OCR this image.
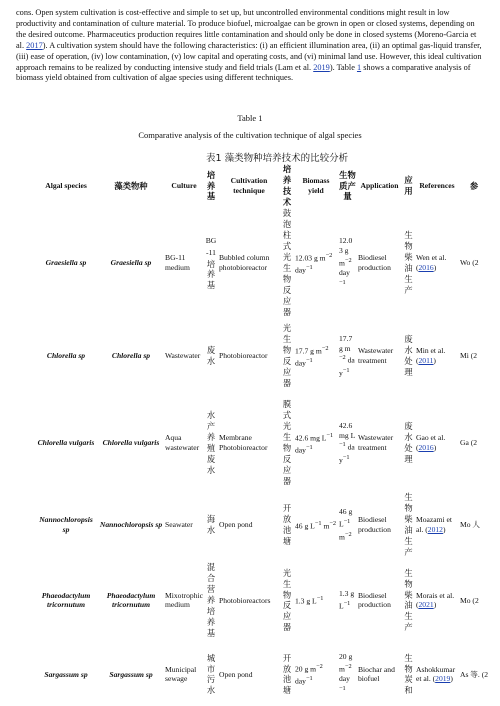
cons. Open system cultivation is cost-effective and simple to set up, but uncontrolled environmental conditions might result in low productivity and contamination of culture material. To produce biofuel, microalgae can be grown in open or closed systems, depending on the desired outcome. Pharmaceutics production requires little contamination and should only be done in closed systems (Moreno-Garcia et al. 2017). A cultivation system should have the following characteristics: (i) an efficient illumination area, (ii) an optimal gas-liquid transfer, (iii) ease of operation, (iv) low contamination, (v) low capital and operating costs, and (vi) minimal land use. However, this ideal cultivation approach remains to be realized by conducting intensive study and field trials (Lam et al. 2019). Table 1 shows a comparative analysis of biomass yield obtained from cultivation of algae species using different techniques.

Table 1
Comparative analysis of the cultivation technique of algal species
表1 藻类物种培养技术的比较分析
Algal species	藻类物种	Culture	培养基	Cultivation technique	培养技术	Biomass yield	生物质产量	Application	应用	References	参
Graesiella sp	Graesiella sp	BG-11 medium	BG-11培养基	Bubbled column photobioreactor	鼓泡柱式光生物反应器	12.03 g $m^{-2}$ day$^{-1}$	12.03 g $m^{-2}$ day$^{-1}$	Biodiesel production	生物柴油生产	Wen et al. (2016)	Wo (2
Chlorella sp	Chlorella sp	Wastewater	废水	Photobioreactor	光生物反应器	17.7 g $m^{-2}$ day$^{-1}$	17.7 g $m^{-2}$ day$^{-1}$	Wastewater treatment	废水处理	Min et al. (2011)	Mi (2
Chlorella vulgaris	Chlorella vulgaris	Aqua wastewater	水产养殖废水	Membrane Photobioreactor	膜式光生物反应器	42.6 mg $L^{-1}$ day$^{-1}$	42.6 mg $L^{-1}$ day$^{-1}$	Wastewater treatment	废水处理	Gao et al. (2016)	Ga (2
Nannochloropsis sp	Nannochloropsis sp	Seawater	海水	Open pond	开放池塘	46 g $L^{-1}$ $m^{-2}$	46 g $L^{-1}$ $m^{-2}$	Biodiesel production	生物柴油生产	Moazami et al. (2012)	Mo 人
Phaeodactylum tricornutum	Phaeodactylum tricornutum	Mixotrophic medium	混合营养培养基	Photobioreactors	光生物反应器	1.3 g $L^{-1}$	1.3 g $L^{-1}$	Biodiesel production	生物柴油生产	Morais et al. (2021)	Mo (2
Sargassum sp	Sargassum sp	Municipal sewage	城市污水	Open pond	开放池塘	20 g $m^{-2}$ day$^{-1}$	20 g $m^{-2}$ day$^{-1}$	Biochar and biofuel	生物炭和	Ashokkumar et al. (2019)	As 等. (2
